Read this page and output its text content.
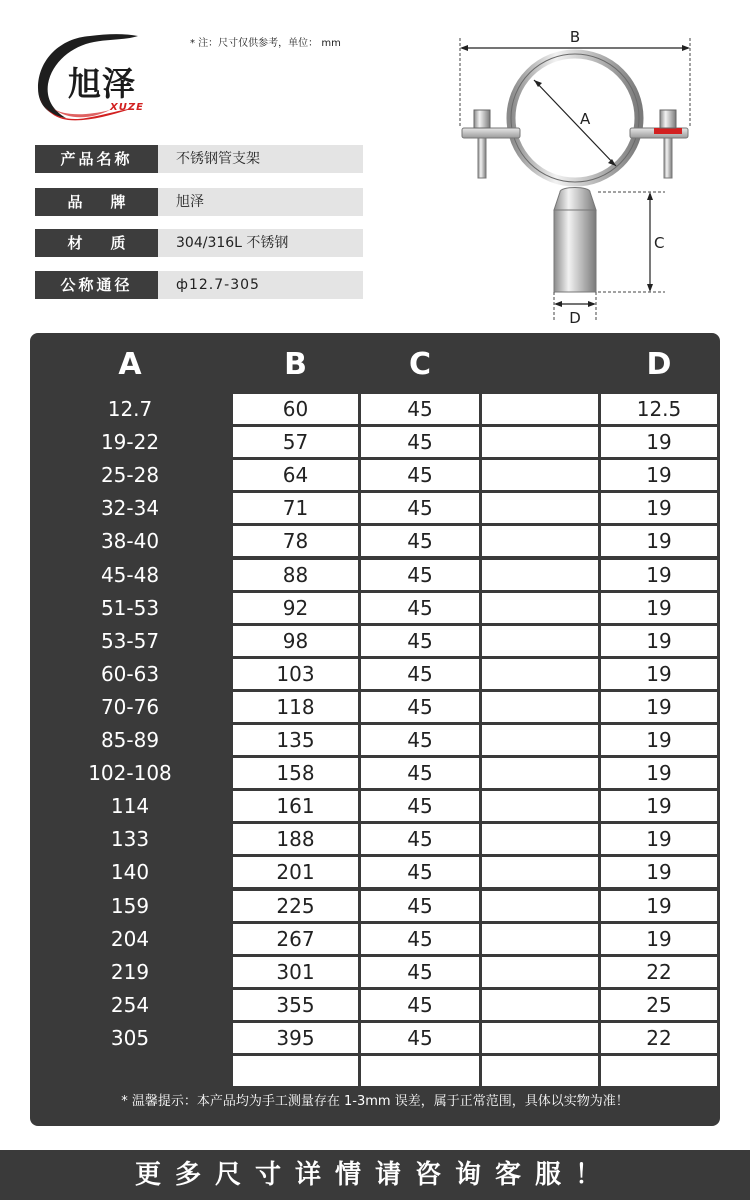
旭泽
XUZE
* 注：尺寸仅供参考，单位： mm
产品名称	不锈钢管支架
品牌	旭泽
材质	304/316L 不锈钢
公称通径	ф12.7-305
B
A
C
D
A	B	C	D
12.7	60	45	12.5
19-22	57	45	19
25-28	64	45	19
32-34	71	45	19
38-40	78	45	19
45-48	88	45	19
51-53	92	45	19
53-57	98	45	19
60-63	103	45	19
70-76	118	45	19
85-89	135	45	19
102-108	158	45	19
114	161	45	19
133	188	45	19
140	201	45	19
159	225	45	19
204	267	45	19
219	301	45	22
254	355	45	25
305	395	45	22
* 温馨提示：本产品均为手工测量存在 1-3mm 误差，属于正常范围，具体以实物为准！
更多尺寸详情请咨询客服！
